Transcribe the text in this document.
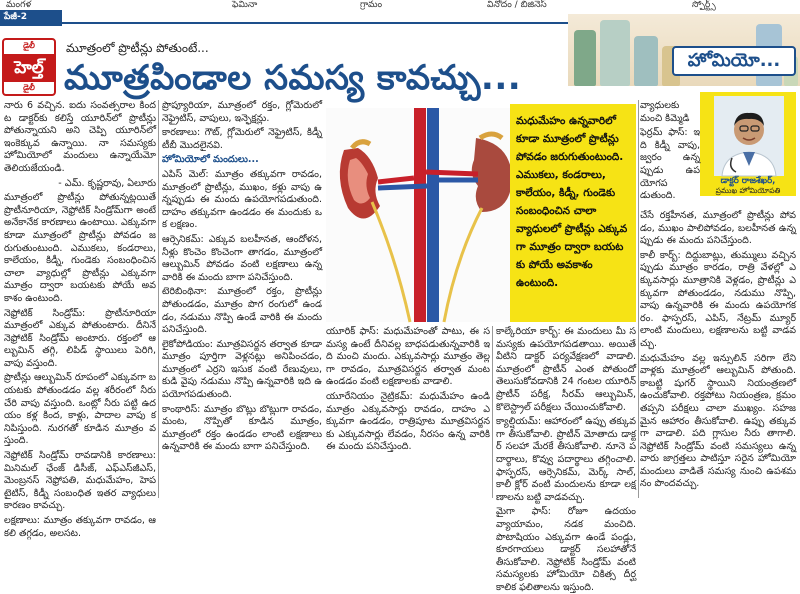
పేజీ-2
మంగళ	ఫెమినా	గ్రామం	వినోదం / బిజినెస్	స్పోర్ట్స్
డైలీ
హెల్త్
డైలీ
మూత్రంలో ప్రొటీన్లు పోతుంటే...
మూత్రపిండాల సమస్య కావచ్చు...	హోమియో...
డాక్టర్ రాజశేఖర్,
ప్రముఖ హోమియోపతి

నారు 6 వచ్చిన. ఐదు సంవత్సరాల కిందట డాక్టర్‌కు కలిస్తే యూరిన్‌లో ప్రొటీన్లు పోతున్నాయని అని చెప్పి యూరిన్‌లో ఇంకెక్కువ ఉన్నాయి. నా సమస్యకు హోమియోలో మందులు ఉన్నాయేమో తెలియజేయండి.

- ఎమ్. కృష్ణరావు, ఏలూరు

మూత్రంలో ప్రొటీన్లు పోతున్నట్లయితే ప్రొటీనూరియా, నెఫ్రోటిక్ సిండ్రోమ్‌గా అంటే అనేకానేక కారణాలు ఉంటాయి. ఎక్కువగా కూడా మూత్రంలో ప్రొటీన్లు పోవడం జరుగుతుంటుంది. ఎముకలు, కండరాలు, కాలేయం, కిడ్నీ, గుండెకు సంబంధించిన చాలా వ్యాధుల్లో ప్రొటీన్లు ఎక్కువగా మూత్రం ద్వారా బయటకు పోయే అవకాశం ఉంటుంది.

నెఫ్రోటిక్ సిండ్రోమ్: ప్రొటీనూరియా మూత్రంలో ఎక్కువ పోతుంటారు. దీనినే నెఫ్రోటిక్ సిండ్రోమ్ అంటారు. రక్తంలో ఆల్బుమిన్ తగ్గి, లిపిడ్ స్థాయిలు పెరిగి, వాపు వస్తుంది.

ప్రొటీన్లు ఆల్బుమిన్ రూపంలో ఎక్కువగా బయటకు పోతుండడం వల్ల శరీరంలో నీరు చేరి వాపు వస్తుంది. ఒంట్లో నీరు పట్టి ఉదయం కళ్ల కింద, కాళ్లు, పాదాల వాపు కనిపిస్తుంది. నురగతో కూడిన మూత్రం వస్తుంది.

నెఫ్రోటిక్ సిండ్రోమ్ రావడానికి కారణాలు: మినిమల్ ఛేంజ్ డిసీజ్, ఎఫ్ఎస్‌జీఎస్, మెంబ్రనస్ నెఫ్రోపతి, మధుమేహం, హెపటైటిస్, కిడ్నీ సంబంధిత ఇతర వ్యాధులు కారణం కావచ్చు.

లక్షణాలు: మూత్రం తక్కువగా రావడం, ఆకలి తగ్గడం, అలసట.

ప్రొప్యూరియా, మూత్రంలో రక్తం, గ్లోమెరులో నెఫ్రైటిస్, వాపులు, ఇన్ఫెక్షన్లు.

కారణాలు: గౌట్, గ్లోమెరులో నెఫ్రైటిస్, కిడ్నీ టీబీ మొదలైనవి.

హోమియోలో మందులు...

ఎపిస్ మెల్: మూత్రం తక్కువగా రావడం, మూత్రంలో ప్రొటీన్లు, ముఖం, కళ్లు వాపు ఉన్నప్పుడు ఈ మందు ఉపయోగపడుతుంది. దాహం తక్కువగా ఉండడం ఈ మందుకు ఒక లక్షణం.

ఆర్సెనికమ్: ఎక్కువ బలహీనత, ఆందోళన, నీళ్లు కొంచెం కొంచెంగా తాగడం, మూత్రంలో ఆల్బుమిన్ పోవడం వంటి లక్షణాలు ఉన్నవారికి ఈ మందు బాగా పనిచేస్తుంది.

టెరిబింథినా: మూత్రంలో రక్తం, ప్రొటీన్లు పోతుండడం, మూత్రం పొగ రంగులో ఉండడం, నడుము నొప్పి ఉండే వారికి ఈ మందు పనిచేస్తుంది.

లైకోపోడియం: మూత్రవిసర్జన తర్వాత కూడా మూత్రం పూర్తిగా వెళ్లనట్లు అనిపించడం, మూత్రంలో ఎర్రని ఇసుక వంటి రేణువులు, కుడి వైపు నడుము నొప్పి ఉన్నవారికి ఇది ఉపయోగపడుతుంది.

కాంథారిస్: మూత్రం బొట్లు బొట్లుగా రావడం, మంట, నొప్పితో కూడిన మూత్రం, మూత్రంలో రక్తం ఉండడం లాంటి లక్షణాలు ఉన్నవారికి ఈ మందు బాగా పనిచేస్తుంది.

మధుమేహం ఉన్నవారిలో కూడా మూత్రంలో ప్రొటీన్లు పోవడం జరుగుతుంటుంది. ఎముకలు, కండరాలు, కాలేయం, కిడ్నీ, గుండెకు సంబంధించిన చాలా వ్యాధులలో ప్రొటీన్లు ఎక్కువగా మూత్రం ద్వారా బయటకు పోయే అవకాశం ఉంటుంది.

యూరిక్ ఫాస్: మధుమేహంతో పాటు, ఈ సమస్య ఉంటే దీనివల్ల బాధపడుతున్నవారికి ఇది మంచి మందు. ఎక్కువసార్లు మూత్రం తెల్లగా రావడం, మూత్రవిసర్జన తర్వాత మంట ఉండడం వంటి లక్షణాలకు వాడాలి.

యూరేనియం నైట్రికమ్: మధుమేహం ఉండి మూత్రం ఎక్కువసార్లు రావడం, దాహం ఎక్కువగా ఉండడం, రాత్రిపూట మూత్రవిసర్జనకు ఎక్కువసార్లు లేవడం, నీరసం ఉన్న వారికి ఈ మందు పనిచేస్తుంది.

కాల్కేరియా కార్బ్: ఈ మందులు మీ సమస్యకు ఉపయోగపడతాయి. అయితే వీటిని డాక్టర్ పర్యవేక్షణలో వాడాలి. మూత్రంలో ప్రొటీన్ ఎంత పోతుందో తెలుసుకోవడానికి 24 గంటల యూరిన్ ప్రొటీన్ పరీక్ష, సీరమ్ ఆల్బుమిన్, కొలెస్ట్రాల్ పరీక్షలు చేయించుకోవాలి.

క్యాల్షియమ్: ఆహారంలో ఉప్పు తక్కువగా తీసుకోవాలి. ప్రొటీన్ మోతాదు డాక్టర్ సలహా మేరకే తీసుకోవాలి. నూనె పదార్థాలు, కొవ్వు పదార్థాలు తగ్గించాలి. ఫాస్ఫరస్, ఆర్సెనికమ్, మెర్క్ సాల్, కాలీ క్లోర్ వంటి మందులను కూడా లక్షణాలను బట్టి వాడవచ్చు.

మైగా ఫాస్: రోజూ ఉదయం వ్యాయామం, నడక మంచిది. పొటాషియం ఎక్కువగా ఉండే పండ్లు, కూరగాయలు డాక్టర్ సలహాతోనే తీసుకోవాలి. నెఫ్రోటిక్ సిండ్రోమ్ వంటి సమస్యలకు హోమియో చికిత్స దీర్ఘకాలిక ఫలితాలను ఇస్తుంది.

వ్యాధులకు మంచి కిమ్మెడి

ఫెర్రమ్ ఫాస్: ఇది కిడ్నీ వాపు, జ్వరం ఉన్నప్పుడు ఉపయోగపడుతుంది.

చేసే రక్తహీనత, మూత్రంలో ప్రొటీన్లు పోవడం, ముఖం పాలిపోవడం, బలహీనత ఉన్నప్పుడు ఈ మందు పనిచేస్తుంది.

కాలీ కార్బ్: దిద్దుబాట్లు, తుమ్ములు వచ్చినప్పుడు మూత్రం కారడం, రాత్రి వేళల్లో ఎక్కువసార్లు మూత్రానికి వెళ్లడం, ప్రొటీన్లు ఎక్కువగా పోతుండడం, నడుము నొప్పి, వాపు ఉన్నవారికి ఈ మందు ఉపయోగకరం. ఫాస్ఫరస్, ఎపిస్, నేట్రమ్ మ్యూర్ లాంటి మందులు, లక్షణాలను బట్టి వాడవచ్చు.

మధుమేహం వల్ల ఇన్సులిన్ సరిగా లేని వాళ్లకు మూత్రంలో ఆల్బుమిన్ పోతుంది. కాబట్టి షుగర్ స్థాయిని నియంత్రణలో ఉంచుకోవాలి. రక్తపోటు నియంత్రణ, క్రమం తప్పని పరీక్షలు చాలా ముఖ్యం. సహజమైన ఆహారం తీసుకోవాలి. ఉప్పు తక్కువగా వాడాలి. పది గ్లాసుల నీరు తాగాలి. నెఫ్రోటిక్ సిండ్రోమ్ వంటి సమస్యలు ఉన్నవారు జాగ్రత్తలు పాటిస్తూ సరైన హోమియో మందులు వాడితే సమస్య నుంచి ఉపశమనం పొందవచ్చు.
